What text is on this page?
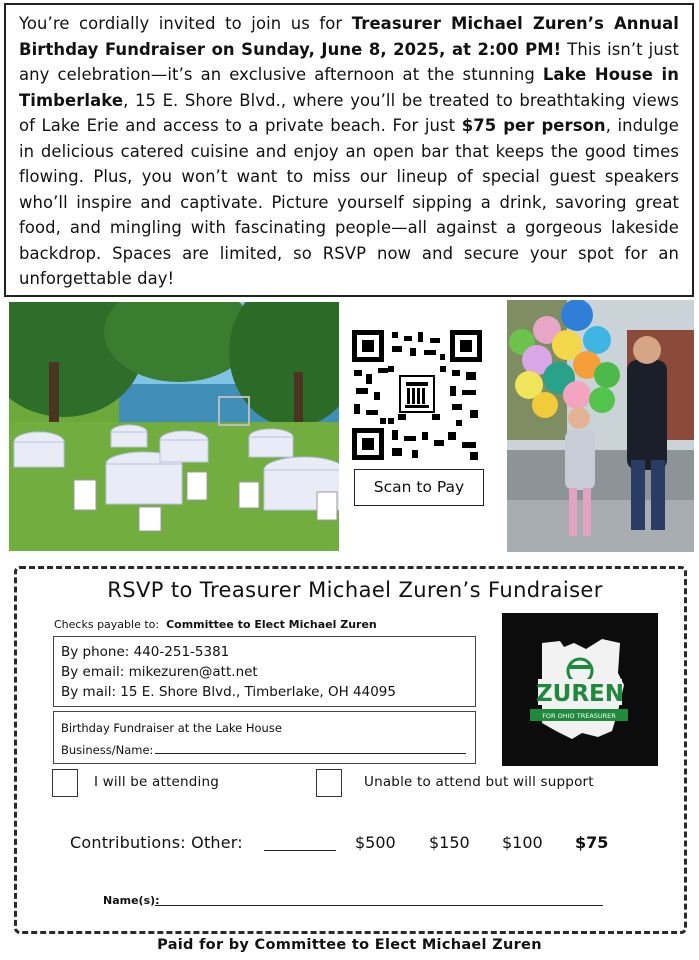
You’re cordially invited to join us for Treasurer Michael Zuren’s Annual Birthday Fundraiser on Sunday, June 8, 2025, at 2:00 PM! This isn’t just any celebration—it’s an exclusive afternoon at the stunning Lake House in Timberlake, 15 E. Shore Blvd., where you’ll be treated to breathtaking views of Lake Erie and access to a private beach. For just $75 per person, indulge in delicious catered cuisine and enjoy an open bar that keeps the good times flowing. Plus, you won’t want to miss our lineup of special guest speakers who’ll inspire and captivate. Picture yourself sipping a drink, savoring great food, and mingling with fascinating people—all against a gorgeous lakeside backdrop. Spaces are limited, so RSVP now and secure your spot for an unforgettable day!
Scan to Pay
RSVP to Treasurer Michael Zuren’s Fundraiser
Checks payable to: Committee to Elect Michael Zuren
By phone: 440-251-5381
By email: mikezuren@att.net
By mail: 15 E. Shore Blvd., Timberlake, OH 44095
Birthday Fundraiser at the Lake House
Business/Name:
ZUREN
FOR OHIO TREASURER
I will be attending	Unable to attend but will support
Contributions: Other:	$500 $150 $100 $75
Name(s):
Paid for by Committee to Elect Michael Zuren
